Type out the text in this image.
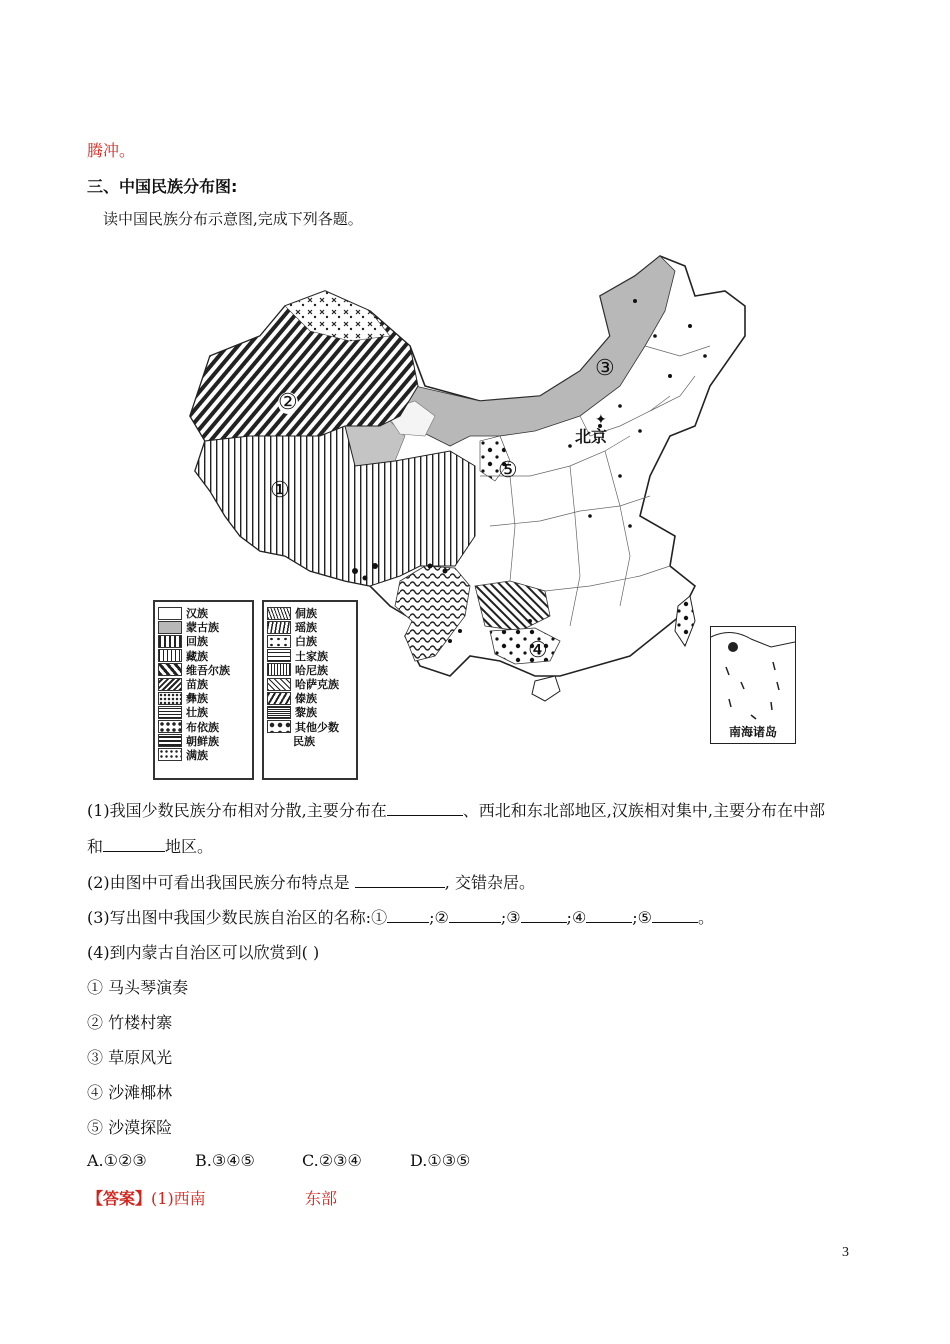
腾冲。
三、中国民族分布图:
读中国民族分布示意图,完成下列各题。
✦
北京
①
②
③
④
⑤
南海诸岛
汉族
蒙古族
回族
藏族
维吾尔族
苗族
彝族
壮族
布依族
朝鲜族
满族
侗族
瑶族
白族
土家族
哈尼族
哈萨克族
傣族
黎族
其他少数
民族
(1)我国少数民族分布相对分散,主要分布在	、西北和东北部地区,汉族相对集中,主要分布在中部
和	地区。
(2)由图中可看出我国民族分布特点是	, 交错杂居。
(3)写出图中我国少数民族自治区的名称:①	;②	;③	;④	;⑤	。
(4)到内蒙古自治区可以欣赏到( )
① 马头琴演奏
② 竹楼村寨
③ 草原风光
④ 沙滩椰林
⑤ 沙漠探险
A.①②③	B.③④⑤	C.②③④	D.①③⑤
【答案】(1)西南	东部
3
